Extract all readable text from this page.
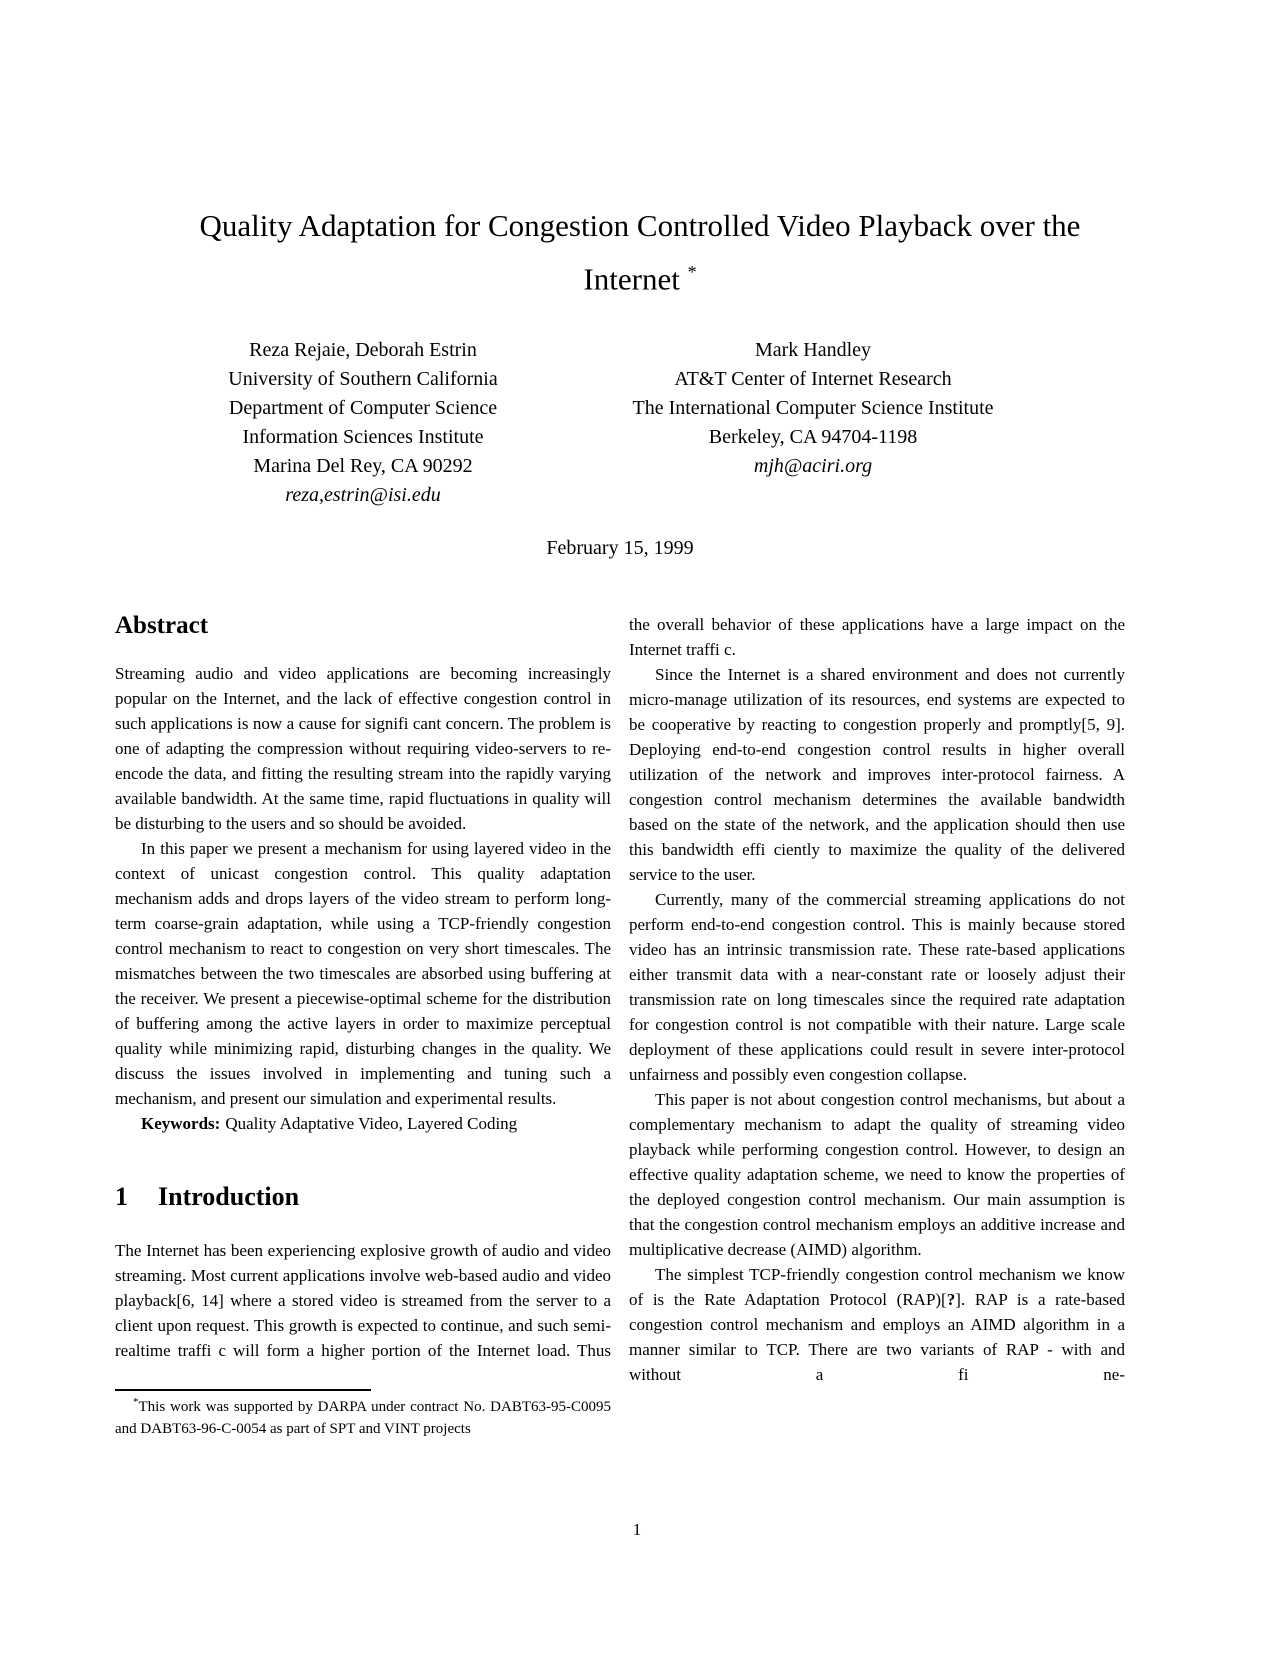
Quality Adaptation for Congestion Controlled Video Playback over the
Internet *
Reza Rejaie, Deborah Estrin
University of Southern California
Department of Computer Science
Information Sciences Institute
Marina Del Rey, CA 90292
reza,estrin@isi.edu
Mark Handley
AT&T Center of Internet Research
The International Computer Science Institute
Berkeley, CA 94704-1198
mjh@aciri.org
February 15, 1999
Abstract

Streaming audio and video applications are becoming increasingly popular on the Internet, and the lack of effective congestion control in such applications is now a cause for signifi cant concern. The problem is one of adapting the compression without requiring video-servers to re-encode the data, and fitting the resulting stream into the rapidly varying available bandwidth. At the same time, rapid fluctuations in quality will be disturbing to the users and so should be avoided.

In this paper we present a mechanism for using layered video in the context of unicast congestion control. This quality adaptation mechanism adds and drops layers of the video stream to perform long-term coarse-grain adaptation, while using a TCP-friendly congestion control mechanism to react to congestion on very short timescales. The mismatches between the two timescales are absorbed using buffering at the receiver. We present a piecewise-optimal scheme for the distribution of buffering among the active layers in order to maximize perceptual quality while minimizing rapid, disturbing changes in the quality. We discuss the issues involved in implementing and tuning such a mechanism, and present our simulation and experimental results.

Keywords: Quality Adaptative Video, Layered Coding

1 Introduction

The Internet has been experiencing explosive growth of audio and video streaming. Most current applications involve web-based audio and video playback[6, 14] where a stored video is streamed from the server to a client upon request. This growth is expected to continue, and such semi-realtime traffi c will form a higher portion of the Internet load. Thus

*This work was supported by DARPA under contract No. DABT63-95-C0095 and DABT63-96-C-0054 as part of SPT and VINT projects

the overall behavior of these applications have a large impact on the Internet traffi c.

Since the Internet is a shared environment and does not currently micro-manage utilization of its resources, end systems are expected to be cooperative by reacting to congestion properly and promptly[5, 9]. Deploying end-to-end congestion control results in higher overall utilization of the network and improves inter-protocol fairness. A congestion control mechanism determines the available bandwidth based on the state of the network, and the application should then use this bandwidth effi ciently to maximize the quality of the delivered service to the user.

Currently, many of the commercial streaming applications do not perform end-to-end congestion control. This is mainly because stored video has an intrinsic transmission rate. These rate-based applications either transmit data with a near-constant rate or loosely adjust their transmission rate on long timescales since the required rate adaptation for congestion control is not compatible with their nature. Large scale deployment of these applications could result in severe inter-protocol unfairness and possibly even congestion collapse.

This paper is not about congestion control mechanisms, but about a complementary mechanism to adapt the quality of streaming video playback while performing congestion control. However, to design an effective quality adaptation scheme, we need to know the properties of the deployed congestion control mechanism. Our main assumption is that the congestion control mechanism employs an additive increase and multiplicative decrease (AIMD) algorithm.

The simplest TCP-friendly congestion control mechanism we know of is the Rate Adaptation Protocol (RAP)[?]. RAP is a rate-based congestion control mechanism and employs an AIMD algorithm in a manner similar to TCP. There are two variants of RAP - with and without a fi ne-

1
